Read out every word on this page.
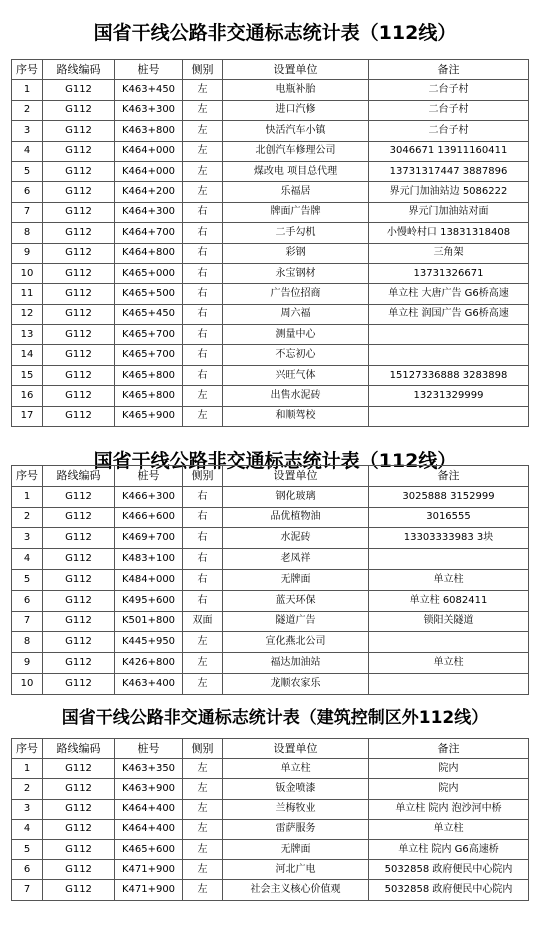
国省干线公路非交通标志统计表（112线）
序号	路线编码	桩号	侧别	设置单位	备注
1	G112	K463+450	左	电瓶补胎	二台子村
2	G112	K463+300	左	进口汽修	二台子村
3	G112	K463+800	左	快活汽车小镇	二台子村
4	G112	K464+000	左	北创汽车修理公司	3046671 13911160411
5	G112	K464+000	左	煤改电 项目总代理	13731317447 3887896
6	G112	K464+200	左	乐福居	界元门加油站边 5086222
7	G112	K464+300	右	牌面广告牌	界元门加油站对面
8	G112	K464+700	右	二手勾机	小慢岭村口 13831318408
9	G112	K464+800	右	彩钢	三角架
10	G112	K465+000	右	永宝钢材	13731326671
11	G112	K465+500	右	广告位招商	单立柱 大唐广告 G6桥高速
12	G112	K465+450	右	周六福	单立柱 润国广告 G6桥高速
13	G112	K465+700	右	测量中心	
14	G112	K465+700	右	不忘初心	
15	G112	K465+800	右	兴旺气体	15127336888 3283898
16	G112	K465+800	左	出售水泥砖	13231329999
17	G112	K465+900	左	和顺驾校	
国省干线公路非交通标志统计表（112线）
序号	路线编码	桩号	侧别	设置单位	备注
1	G112	K466+300	右	钢化玻璃	3025888 3152999
2	G112	K466+600	右	品优植物油	3016555
3	G112	K469+700	右	水泥砖	13303333983 3块
4	G112	K483+100	右	老凤祥	
5	G112	K484+000	右	无牌面	单立柱
6	G112	K495+600	右	蓝天环保	单立柱 6082411
7	G112	K501+800	双面	隧道广告	锁阳关隧道
8	G112	K445+950	左	宣化燕北公司	
9	G112	K426+800	左	福达加油站	单立柱
10	G112	K463+400	左	龙顺农家乐	
国省干线公路非交通标志统计表（建筑控制区外112线）
序号	路线编码	桩号	侧别	设置单位	备注
1	G112	K463+350	左	单立柱	院内
2	G112	K463+900	左	钣金喷漆	院内
3	G112	K464+400	左	兰梅牧业	单立柱 院内 泡沙河中桥
4	G112	K464+400	左	雷萨服务	单立柱
5	G112	K465+600	左	无牌面	单立柱 院内 G6高速桥
6	G112	K471+900	左	河北广电	5032858 政府便民中心院内
7	G112	K471+900	左	社会主义核心价值观	5032858 政府便民中心院内
